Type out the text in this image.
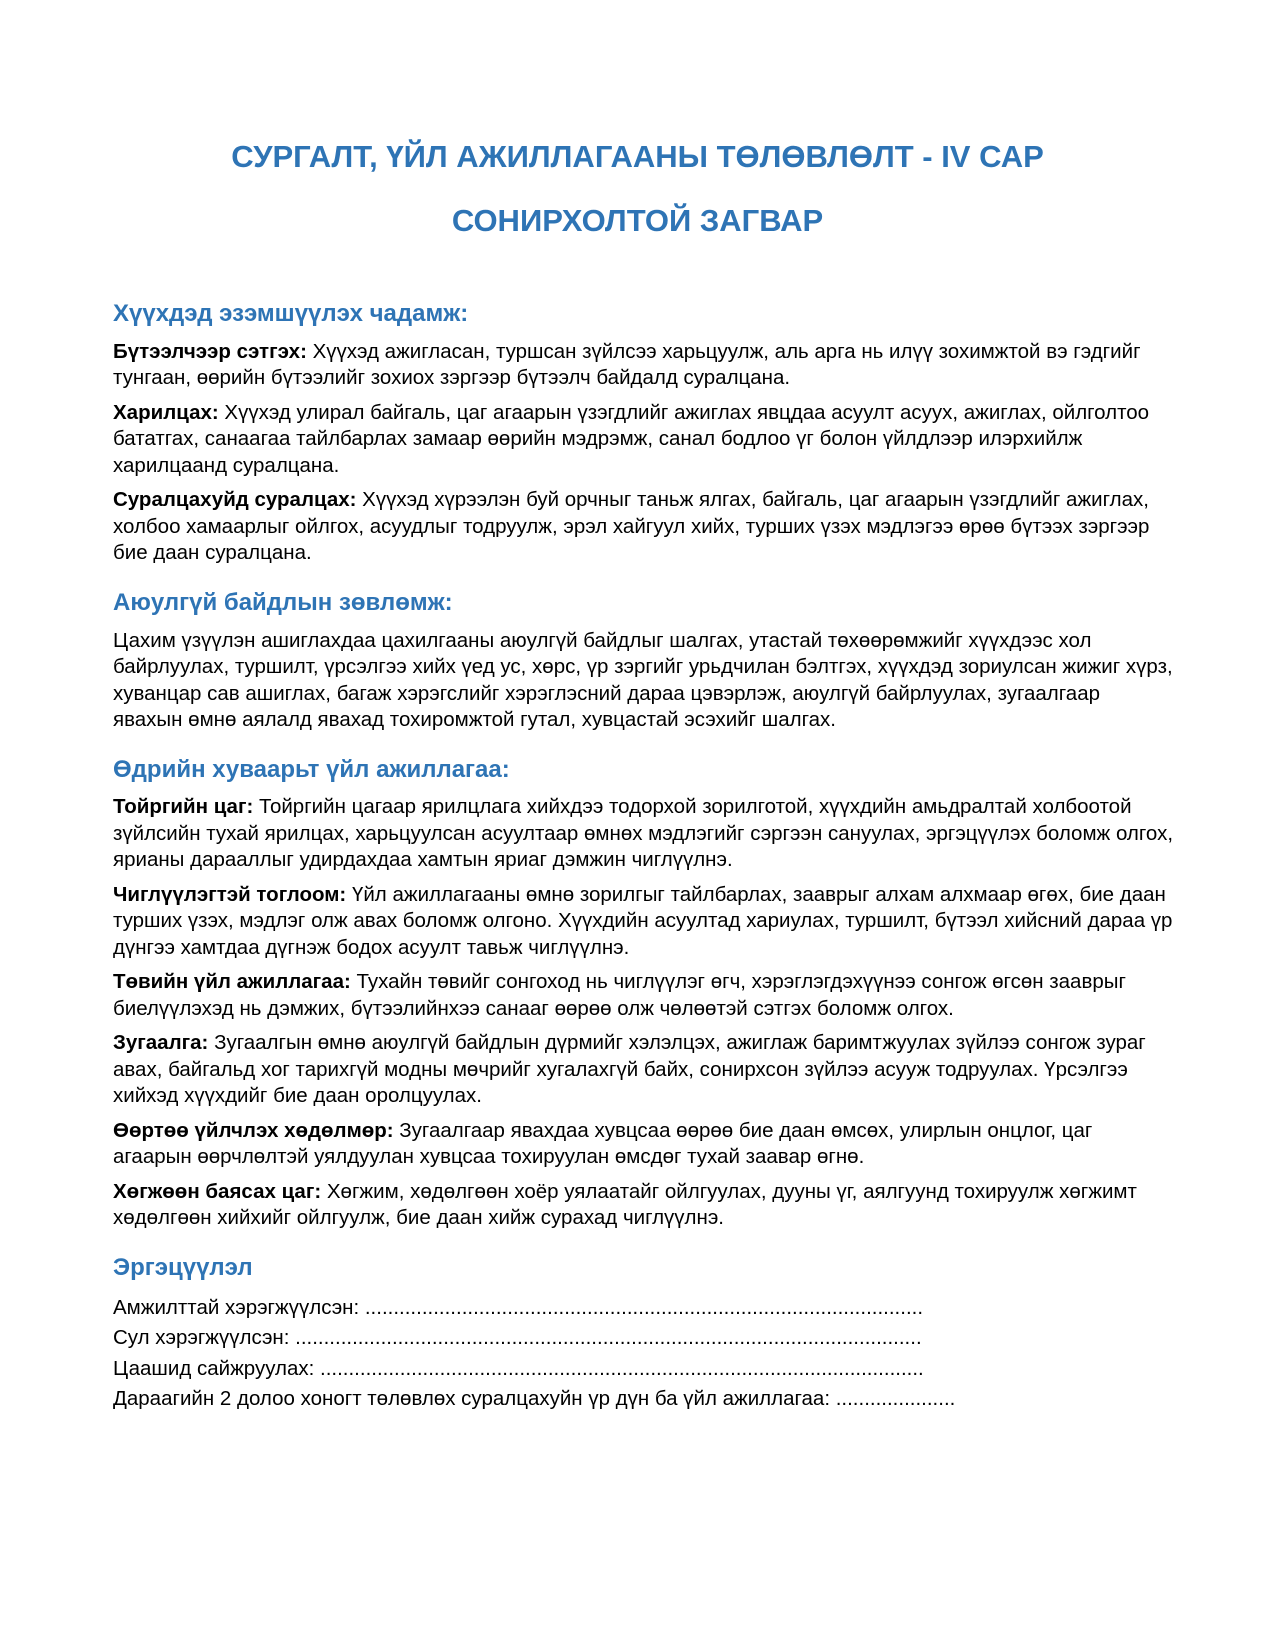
СУРГАЛТ, ҮЙЛ АЖИЛЛАГААНЫ ТӨЛӨВЛӨЛТ - IV САР
СОНИРХОЛТОЙ ЗАГВАР
Хүүхдэд эзэмшүүлэх чадамж:

Бүтээлчээр сэтгэх: Хүүхэд ажигласан, туршсан зүйлсээ харьцуулж, аль арга нь илүү зохимжтой вэ гэдгийг тунгаан, өөрийн бүтээлийг зохиох зэргээр бүтээлч байдалд суралцана.

Харилцах: Хүүхэд улирал байгаль, цаг агаарын үзэгдлийг ажиглах явцдаа асуулт асуух, ажиглах, ойлголтоо бататгах, санаагаа тайлбарлах замаар өөрийн мэдрэмж, санал бодлоо үг болон үйлдлээр илэрхийлж харилцаанд суралцана.

Суралцахуйд суралцах: Хүүхэд хүрээлэн буй орчныг таньж ялгах, байгаль, цаг агаарын үзэгдлийг ажиглах, холбоо хамаарлыг ойлгох, асуудлыг тодруулж, эрэл хайгуул хийх, турших үзэх мэдлэгээ өрөө бүтээх зэргээр бие даан суралцана.

Аюулгүй байдлын зөвлөмж:

Цахим үзүүлэн ашиглахдаа цахилгааны аюулгүй байдлыг шалгах, утастай төхөөрөмжийг хүүхдээс хол байрлуулах, туршилт, үрсэлгээ хийх үед ус, хөрс, үр зэргийг урьдчилан бэлтгэх, хүүхдэд зориулсан жижиг хүрз, хуванцар сав ашиглах, багаж хэрэгслийг хэрэглэсний дараа цэвэрлэж, аюулгүй байрлуулах, зугаалгаар явахын өмнө аялалд явахад тохиромжтой гутал, хувцастай эсэхийг шалгах.

Өдрийн хуваарьт үйл ажиллагаа:

Тойргийн цаг: Тойргийн цагаар ярилцлага хийхдээ тодорхой зорилготой, хүүхдийн амьдралтай холбоотой зүйлсийн тухай ярилцах, харьцуулсан асуултаар өмнөх мэдлэгийг сэргээн сануулах, эргэцүүлэх боломж олгох, ярианы дарааллыг удирдахдаа хамтын яриаг дэмжин чиглүүлнэ.

Чиглүүлэгтэй тоглоом: Үйл ажиллагааны өмнө зорилгыг тайлбарлах, зааврыг алхам алхмаар өгөх, бие даан турших үзэх, мэдлэг олж авах боломж олгоно. Хүүхдийн асуултад хариулах, туршилт, бүтээл хийсний дараа үр дүнгээ хамтдаа дүгнэж бодох асуулт тавьж чиглүүлнэ.

Төвийн үйл ажиллагаа: Тухайн төвийг сонгоход нь чиглүүлэг өгч, хэрэглэгдэхүүнээ сонгож өгсөн зааврыг биелүүлэхэд нь дэмжих, бүтээлийнхээ санааг өөрөө олж чөлөөтэй сэтгэх боломж олгох.

Зугаалга: Зугаалгын өмнө аюулгүй байдлын дүрмийг хэлэлцэх, ажиглаж баримтжуулах зүйлээ сонгож зураг авах, байгальд хог тарихгүй модны мөчрийг хугалахгүй байх, сонирхсон зүйлээ асууж тодруулах. Үрсэлгээ хийхэд хүүхдийг бие даан оролцуулах.

Өөртөө үйлчлэх хөдөлмөр: Зугаалгаар явахдаа хувцсаа өөрөө бие даан өмсөх, улирлын онцлог, цаг агаарын өөрчлөлтэй уялдуулан хувцсаа тохируулан өмсдөг тухай заавар өгнө.

Хөгжөөн баясах цаг: Хөгжим, хөдөлгөөн хоёр уялаатайг ойлгуулах, дууны үг, аялгуунд тохируулж хөгжимт хөдөлгөөн хийхийг ойлгуулж, бие даан хийж сурахад чиглүүлнэ.

Эргэцүүлэл

Амжилттай хэрэгжүүлсэн: ..................................................................................................

Сул хэрэгжүүлсэн: ..............................................................................................................

Цаашид сайжруулах: ..........................................................................................................

Дараагийн 2 долоо хоногт төлөвлөх суралцахуйн үр дүн ба үйл ажиллагаа: .....................
